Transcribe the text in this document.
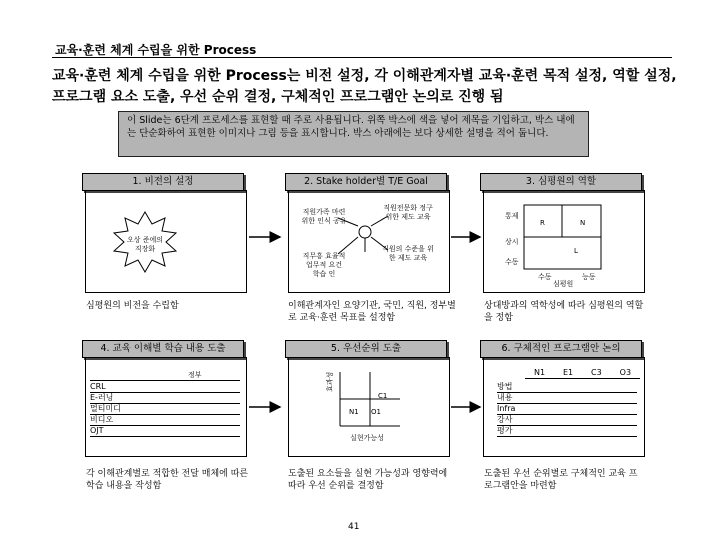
교육·훈련 체계 수립을 위한 Process
교육·훈련 체계 수립을 위한 Process는 비전 설정, 각 이해관계자별 교육·훈련 목적 설정, 역할 설정, 프로그램 요소 도출, 우선 순위 결정, 구체적인 프로그램안 논의로 진행 됨
이 Slide는 6단계 프로세스를 표현할 때 주로 사용됩니다. 위쪽 박스에 색을 넣어 제목을 기입하고, 박스 내에는 단순화하여 표현한 이미지나 그림 등을 표시합니다. 박스 아래에는 보다 상세한 설명을 적어 둡니다.
1. 비전의 설정
오상 준에의 직장화
심평원의 비전을 수립함
2. Stake holder별 T/E Goal
직원가족 마련 위한 인식 공유
직원전문화 정구 위한 제도 교육
직무흥 효율적 업무적 요건 학습 인
직원의 수준을 위한 제도 교육
이해관계자인 요양기관, 국민, 직원, 정부별로 교육·훈련 목표를 설정함
3. 심평원의 역할
통제
상시
수동
R	N
L
수동
심평원
능동
상대방과의 역학성에 따라 심평원의 역할을 정함
4. 교육 이해별 학습 내용 도출
정부
CRL
E-러닝
멀티미디
비디오
OJT
각 이해관계별로 적합한 전달 매체에 따른 학습 내용을 작성함
5. 우선순위 도출
효과성
C1
N1 O1
실현가능성
도출된 요소들을 실현 가능성과 영향력에 따라 우선 순위를 결정함
6. 구체적인 프로그램안 논의
N1 E1 C3 O3
방법
내용
Infra
강사
평가
도출된 우선 순위별로 구체적인 교육 프로그램안을 마련함
41
